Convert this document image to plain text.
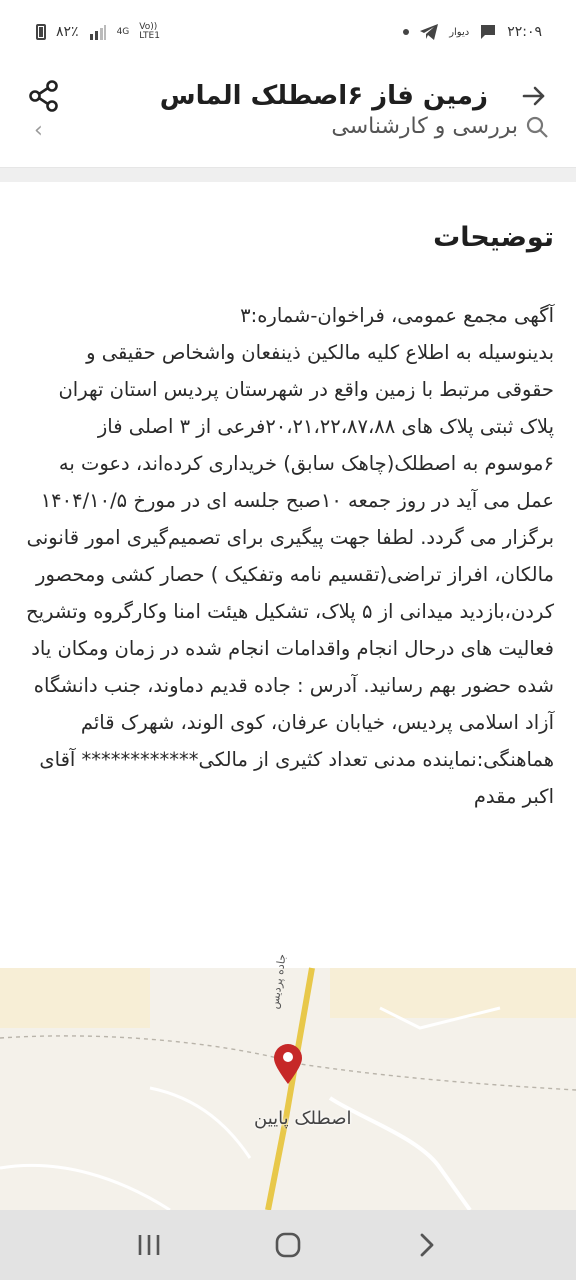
۸۲٪	4G Vo))
LTE1	دیوار	۲۲:۰۹
زمین فاز ۶اصطلک الماس
‹	بررسی و کارشناسی
توضیحات
آگهی مجمع عمومی، فراخوان-شماره:۳
بدینوسیله به اطلاع کلیه مالکین ذینفعان واشخاص حقیقی و حقوقی مرتبط با زمین واقع در شهرستان پردیس استان تهران پلاک ثبتی پلاک های ۲۰،۲۱،۲۲،۸۷،۸۸فرعی از ۳ اصلی فاز ۶موسوم به اصطلک(چاهک سابق) خریداری کرده‌اند، دعوت به عمل می آید در روز جمعه ۱۰صبح جلسه ای در مورخ ۱۴۰۴/۱۰/۵ برگزار می گردد. لطفا جهت پیگیری برای تصمیم‌گیری امور قانونی مالکان، افراز تراضی(تقسیم نامه وتفکیک ) حصار کشی ومحصور کردن،بازدید میدانی از ۵ پلاک، تشکیل هیئت امنا وکارگروه وتشریح فعالیت های درحال انجام واقدامات انجام شده در زمان ومکان یاد شده حضور بهم رسانید. آدرس : جاده قدیم دماوند، جنب دانشگاه آزاد اسلامی پردیس، خیابان عرفان، کوی الوند، شهرک قائم
هماهنگی:نماینده مدنی تعداد کثیری از مالکی************ آقای اکبر مقدم
جاده پردیس
اصطلک پایین
